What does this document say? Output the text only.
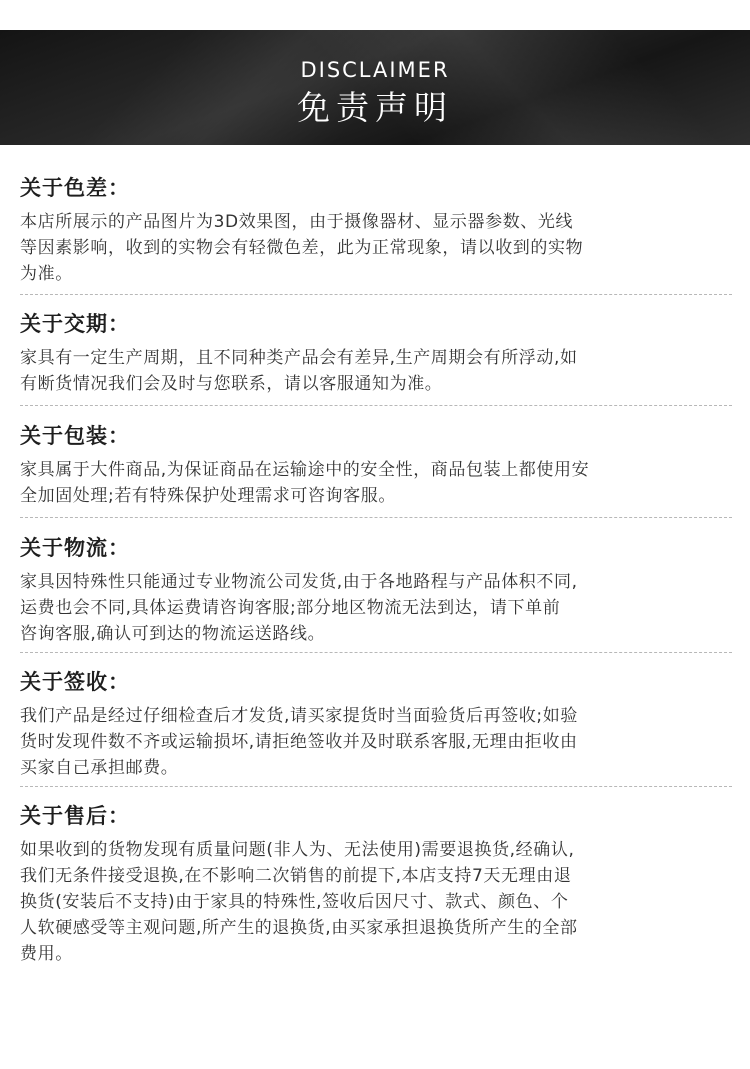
DISCLAIMER
免责声明
关于色差：
本店所展示的产品图片为3D效果图，由于摄像器材、显示器参数、光线
等因素影响，收到的实物会有轻微色差，此为正常现象，请以收到的实物
为准。
关于交期：
家具有一定生产周期，且不同种类产品会有差异,生产周期会有所浮动,如
有断货情况我们会及时与您联系，请以客服通知为准。
关于包装：
家具属于大件商品,为保证商品在运输途中的安全性，商品包装上都使用安
全加固处理;若有特殊保护处理需求可咨询客服。
关于物流：
家具因特殊性只能通过专业物流公司发货,由于各地路程与产品体积不同,
运费也会不同,具体运费请咨询客服;部分地区物流无法到达，请下单前
咨询客服,确认可到达的物流运送路线。
关于签收：
我们产品是经过仔细检查后才发货,请买家提货时当面验货后再签收;如验
货时发现件数不齐或运输损坏,请拒绝签收并及时联系客服,无理由拒收由
买家自己承担邮费。
关于售后：
如果收到的货物发现有质量问题(非人为、无法使用)需要退换货,经确认,
我们无条件接受退换,在不影响二次销售的前提下,本店支持7天无理由退
换货(安装后不支持)由于家具的特殊性,签收后因尺寸、款式、颜色、个
人软硬感受等主观问题,所产生的退换货,由买家承担退换货所产生的全部
费用。
